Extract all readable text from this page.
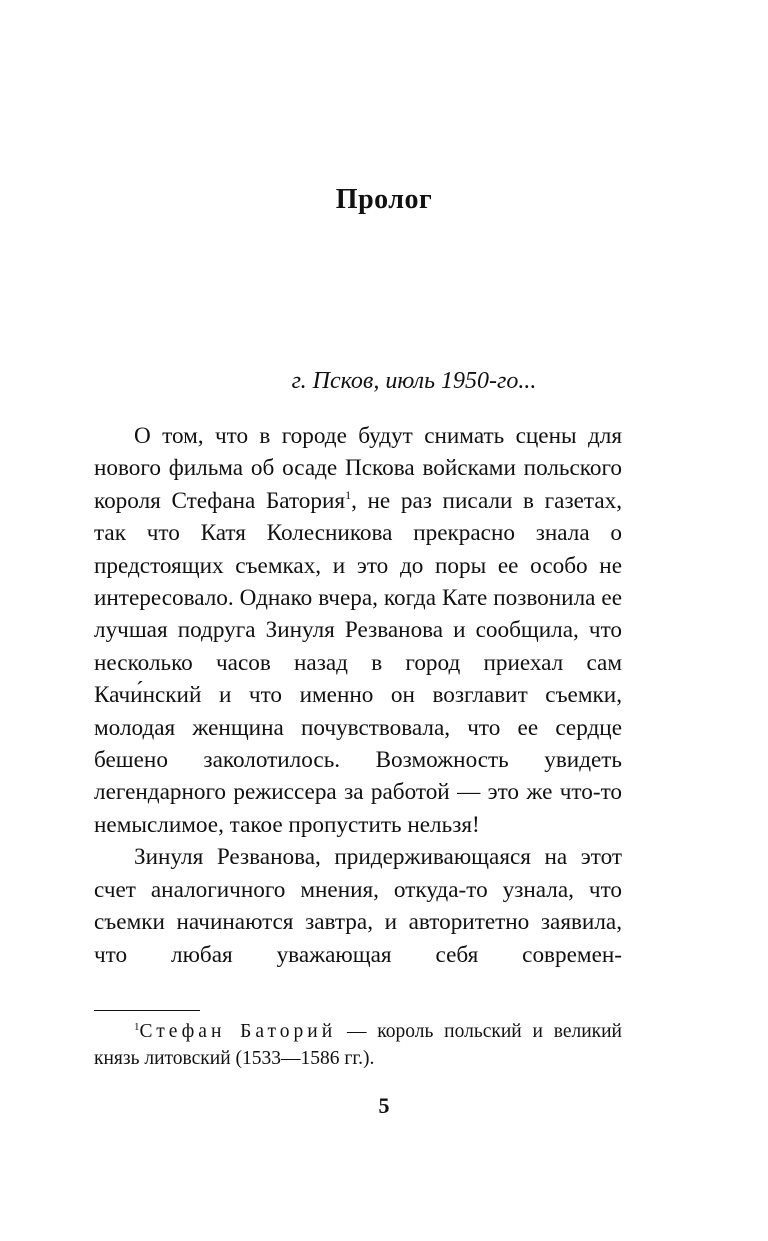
Пролог
г. Псков, июль 1950-го...

О том, что в городе будут снимать сцены для нового фильма об осаде Пскова войсками польского короля Стефана Батория$^1$, не раз писали в газетах, так что Катя Колесникова прекрасно знала о предстоящих съемках, и это до поры ее особо не интересовало. Однако вчера, когда Кате позвонила ее лучшая подруга Зинуля Резванова и сообщила, что несколько часов назад в город приехал сам Качи́нский и что именно он возглавит съемки, молодая женщина почувствовала, что ее сердце бешено заколотилось. Возможность увидеть легендарного режиссера за работой — это же что-то немыслимое, такое пропустить нельзя!

Зинуля Резванова, придерживающаяся на этот счет аналогичного мнения, откуда-то узнала, что съемки начинаются завтра, и авторитетно заявила, что любая уважающая себя современ-

$^1$Стефан Баторий — король польский и великий князь литовский (1533—1586 гг.).

5
